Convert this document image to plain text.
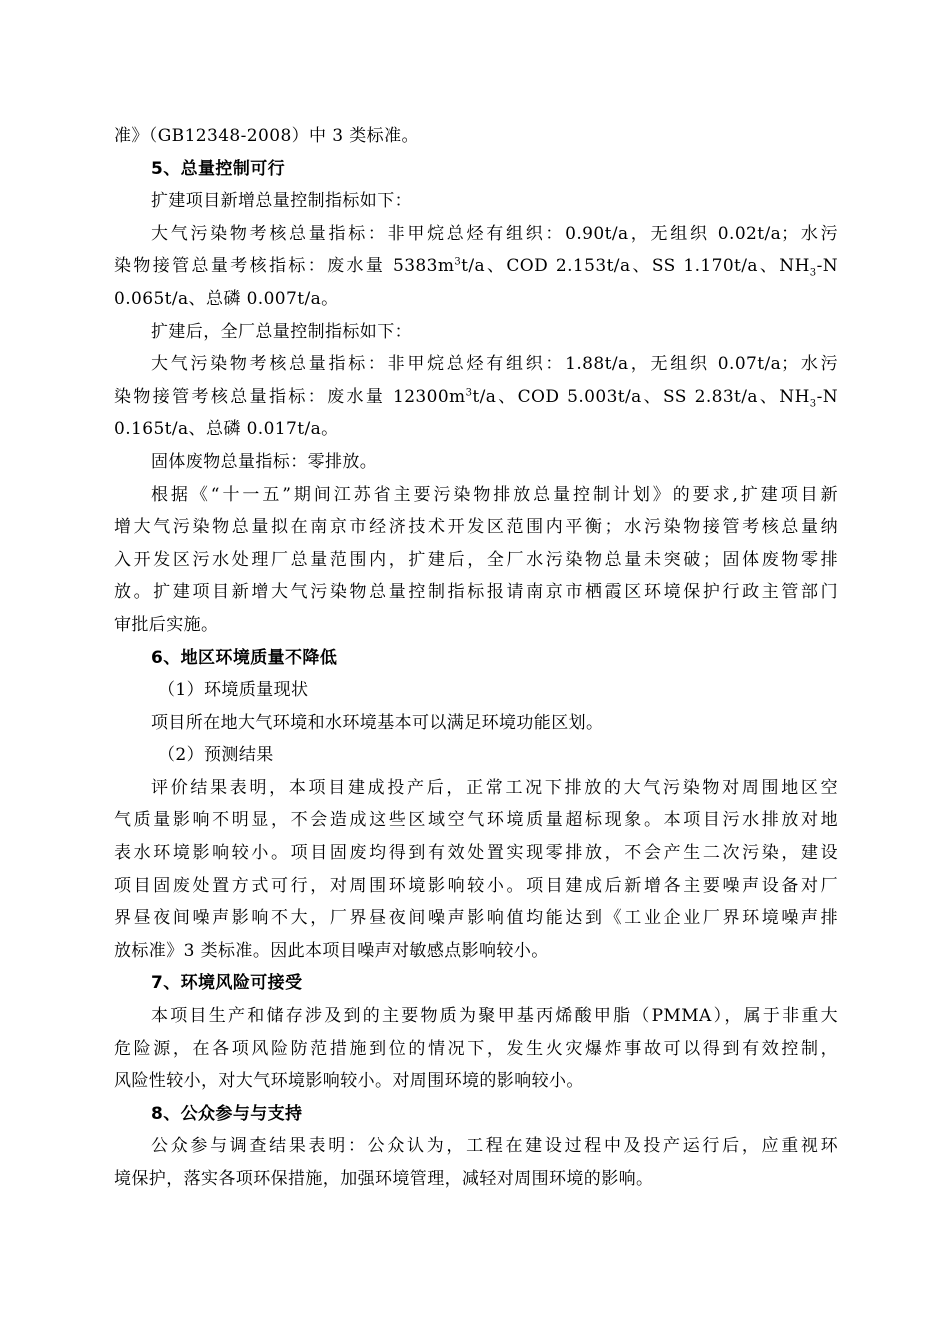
准》（GB12348-2008）中 3 类标准。
5、总量控制可行
扩建项目新增总量控制指标如下：
大气污染物考核总量指标：非甲烷总烃有组织：0.90t/a，无组织 0.02t/a；水污
染物接管总量考核指标：废水量 $5383m^3t/a$、COD 2.153t/a、SS 1.170t/a、$NH_3-N$
0.065t/a、总磷 0.007t/a。
扩建后，全厂总量控制指标如下：
大气污染物考核总量指标：非甲烷总烃有组织：1.88t/a，无组织 0.07t/a；水污
染物接管考核总量指标：废水量 $12300m^3t/a$、COD 5.003t/a、SS 2.83t/a、$NH_3-N$
0.165t/a、总磷 0.017t/a。
固体废物总量指标：零排放。
根据《“十一五”期间江苏省主要污染物排放总量控制计划》的要求,扩建项目新
增大气污染物总量拟在南京市经济技术开发区范围内平衡；水污染物接管考核总量纳
入开发区污水处理厂总量范围内，扩建后，全厂水污染物总量未突破；固体废物零排
放。扩建项目新增大气污染物总量控制指标报请南京市栖霞区环境保护行政主管部门
审批后实施。
6、地区环境质量不降低
（1）环境质量现状
项目所在地大气环境和水环境基本可以满足环境功能区划。
（2）预测结果
评价结果表明，本项目建成投产后，正常工况下排放的大气污染物对周围地区空
气质量影响不明显，不会造成这些区域空气环境质量超标现象。本项目污水排放对地
表水环境影响较小。项目固废均得到有效处置实现零排放，不会产生二次污染，建设
项目固废处置方式可行，对周围环境影响较小。项目建成后新增各主要噪声设备对厂
界昼夜间噪声影响不大，厂界昼夜间噪声影响值均能达到《工业企业厂界环境噪声排
放标准》3 类标准。因此本项目噪声对敏感点影响较小。
7、环境风险可接受
本项目生产和储存涉及到的主要物质为聚甲基丙烯酸甲脂（PMMA），属于非重大
危险源，在各项风险防范措施到位的情况下，发生火灾爆炸事故可以得到有效控制，
风险性较小，对大气环境影响较小。对周围环境的影响较小。
8、公众参与与支持
公众参与调查结果表明：公众认为，工程在建设过程中及投产运行后，应重视环
境保护，落实各项环保措施，加强环境管理，减轻对周围环境的影响。
